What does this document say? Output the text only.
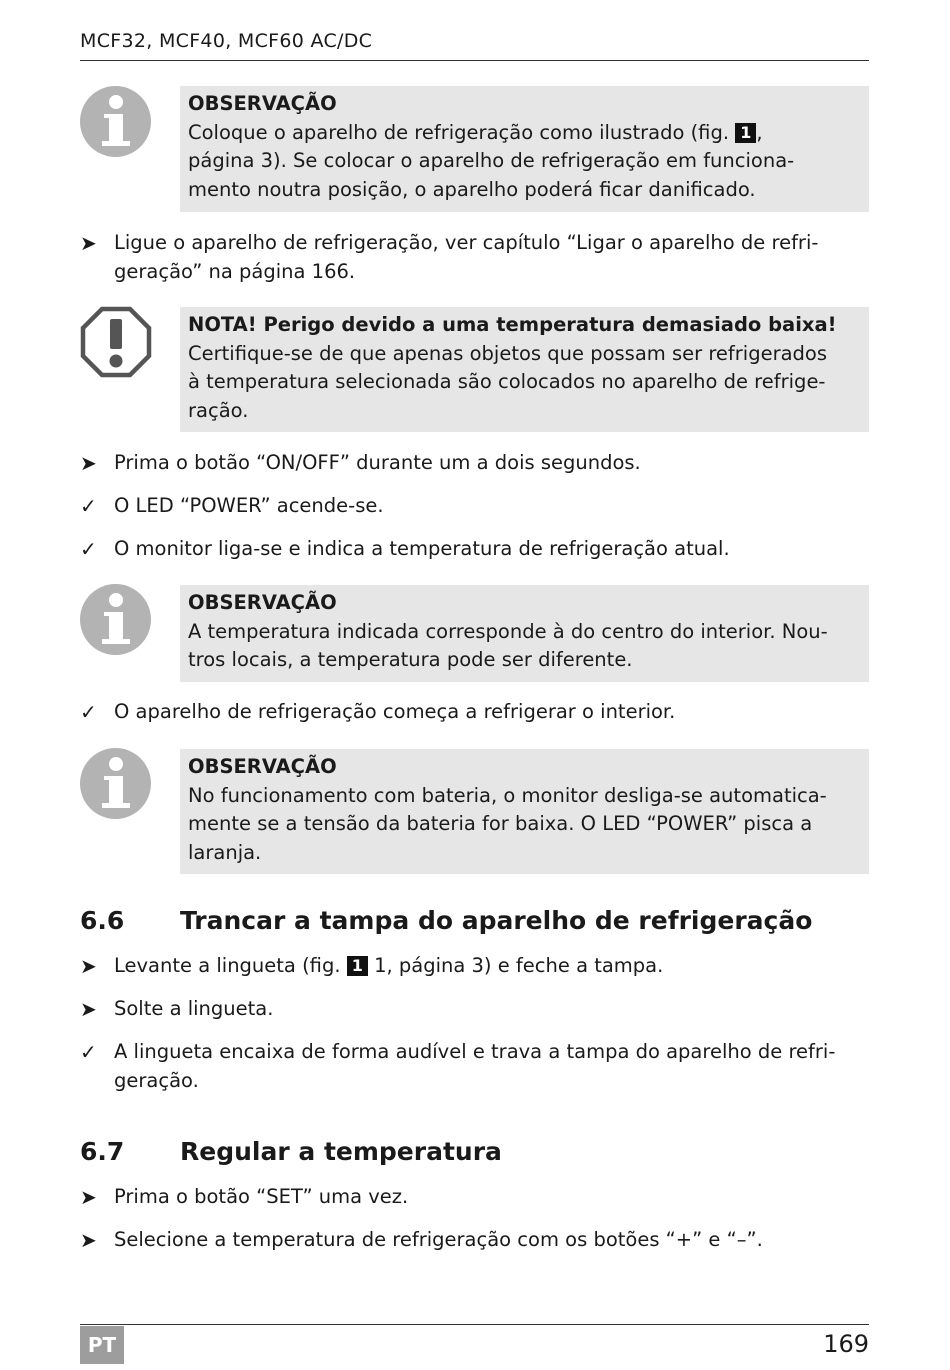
MCF32, MCF40, MCF60 AC/DC
OBSERVAÇÃO
Coloque o aparelho de refrigeração como ilustrado (fig. 1 ,
página 3). Se colocar o aparelho de refrigeração em funciona-
mento noutra posição, o aparelho poderá ficar danificado.
➤ Ligue o aparelho de refrigeração, ver capítulo “Ligar o aparelho de refri-
geração” na página 166.
NOTA! Perigo devido a uma temperatura demasiado baixa!
Certifique-se de que apenas objetos que possam ser refrigerados
à temperatura selecionada são colocados no aparelho de refrige-
ração.
➤ Prima o botão “ON/OFF” durante um a dois segundos.
✓ O LED “POWER” acende-se.
✓ O monitor liga-se e indica a temperatura de refrigeração atual.
OBSERVAÇÃO
A temperatura indicada corresponde à do centro do interior. Nou-
tros locais, a temperatura pode ser diferente.
✓ O aparelho de refrigeração começa a refrigerar o interior.
OBSERVAÇÃO
No funcionamento com bateria, o monitor desliga-se automatica-
mente se a tensão da bateria for baixa. O LED “POWER” pisca a
laranja.
6.6 Trancar a tampa do aparelho de refrigeração
➤ Levante a lingueta (fig. 1 1, página 3) e feche a tampa.
➤ Solte a lingueta.
✓ A lingueta encaixa de forma audível e trava a tampa do aparelho de refri-
geração.
6.7 Regular a temperatura
➤ Prima o botão “SET” uma vez.
➤ Selecione a temperatura de refrigeração com os botões “+” e “–”.
PT	169
